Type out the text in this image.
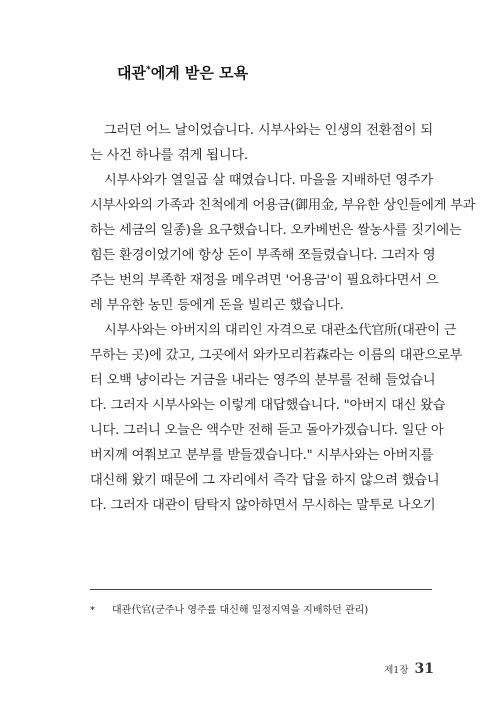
대관*에게 받은 모욕
그러던 어느 날이었습니다. 시부사와는 인생의 전환점이 되
는 사건 하나를 겪게 됩니다.
시부사와가 열일곱 살 때였습니다. 마을을 지배하던 영주가
시부사와의 가족과 친척에게 어용금(御用金, 부유한 상인들에게 부과
하는 세금의 일종)을 요구했습니다. 오카베번은 쌀농사를 짓기에는
힘든 환경이었기에 항상 돈이 부족해 쪼들렸습니다. 그러자 영
주는 번의 부족한 재정을 메우려면 '어용금'이 필요하다면서 으
레 부유한 농민 등에게 돈을 빌리곤 했습니다.
시부사와는 아버지의 대리인 자격으로 대관소代官所(대관이 근
무하는 곳)에 갔고, 그곳에서 와카모리若森라는 이름의 대관으로부
터 오백 냥이라는 거금을 내라는 영주의 분부를 전해 들었습니
다. 그러자 시부사와는 이렇게 대답했습니다. "아버지 대신 왔습
니다. 그러니 오늘은 액수만 전해 듣고 돌아가겠습니다. 일단 아
버지께 여쭤보고 분부를 받들겠습니다." 시부사와는 아버지를
대신해 왔기 때문에 그 자리에서 즉각 답을 하지 않으려 했습니
다. 그러자 대관이 탐탁지 않아하면서 무시하는 말투로 나오기
* 대관代官(군주나 영주를 대신해 일정지역을 지배하던 관리)
제1장 31
